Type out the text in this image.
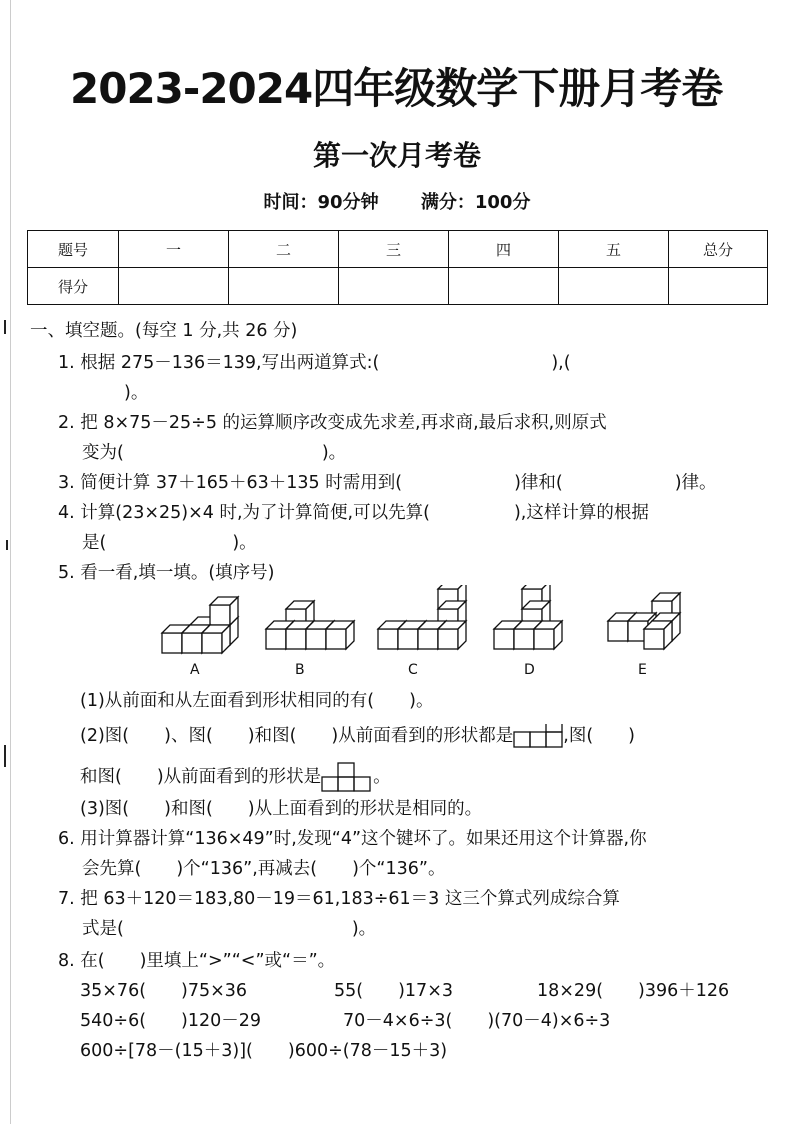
2023-2024四年级数学下册月考卷
第一次月考卷
时间：90分钟 满分：100分
题号	一	二	三	四	五	总分
得分						
一、填空题。(每空 1 分,共 26 分)
1. 根据 275－136＝139,写出两道算式:(	),(
)。
2. 把 8×75－25÷5 的运算顺序改变成先求差,再求商,最后求积,则原式
变为(	)。
3. 简便计算 37＋165＋63＋135 时需用到(	)律和(	)律。
4. 计算(23×25)×4 时,为了计算简便,可以先算(	),这样计算的根据
是(	)。
5. 看一看,填一填。(填序号)
A	B	C	D	E
(1)从前面和从左面看到形状相同的有(　　)。
(2)图(　　)、图(　　)和图(　　)从前面看到的形状都是	,图(　　)
和图(　　)从前面看到的形状是	。
(3)图(　　)和图(　　)从上面看到的形状是相同的。
6. 用计算器计算“136×49”时,发现“4”这个键坏了。如果还用这个计算器,你
会先算(　　)个“136”,再减去(　　)个“136”。
7. 把 63＋120＝183,80－19＝61,183÷61＝3 这三个算式列成综合算
式是(	)。
8. 在(　　)里填上“>”“<”或“＝”。
35×76(　　)75×36	55(　　)17×3	18×29(　　)396＋126
540÷6(　　)120－29	70－4×6÷3(　　)(70－4)×6÷3
600÷[78－(15＋3)](　　)600÷(78－15＋3)
